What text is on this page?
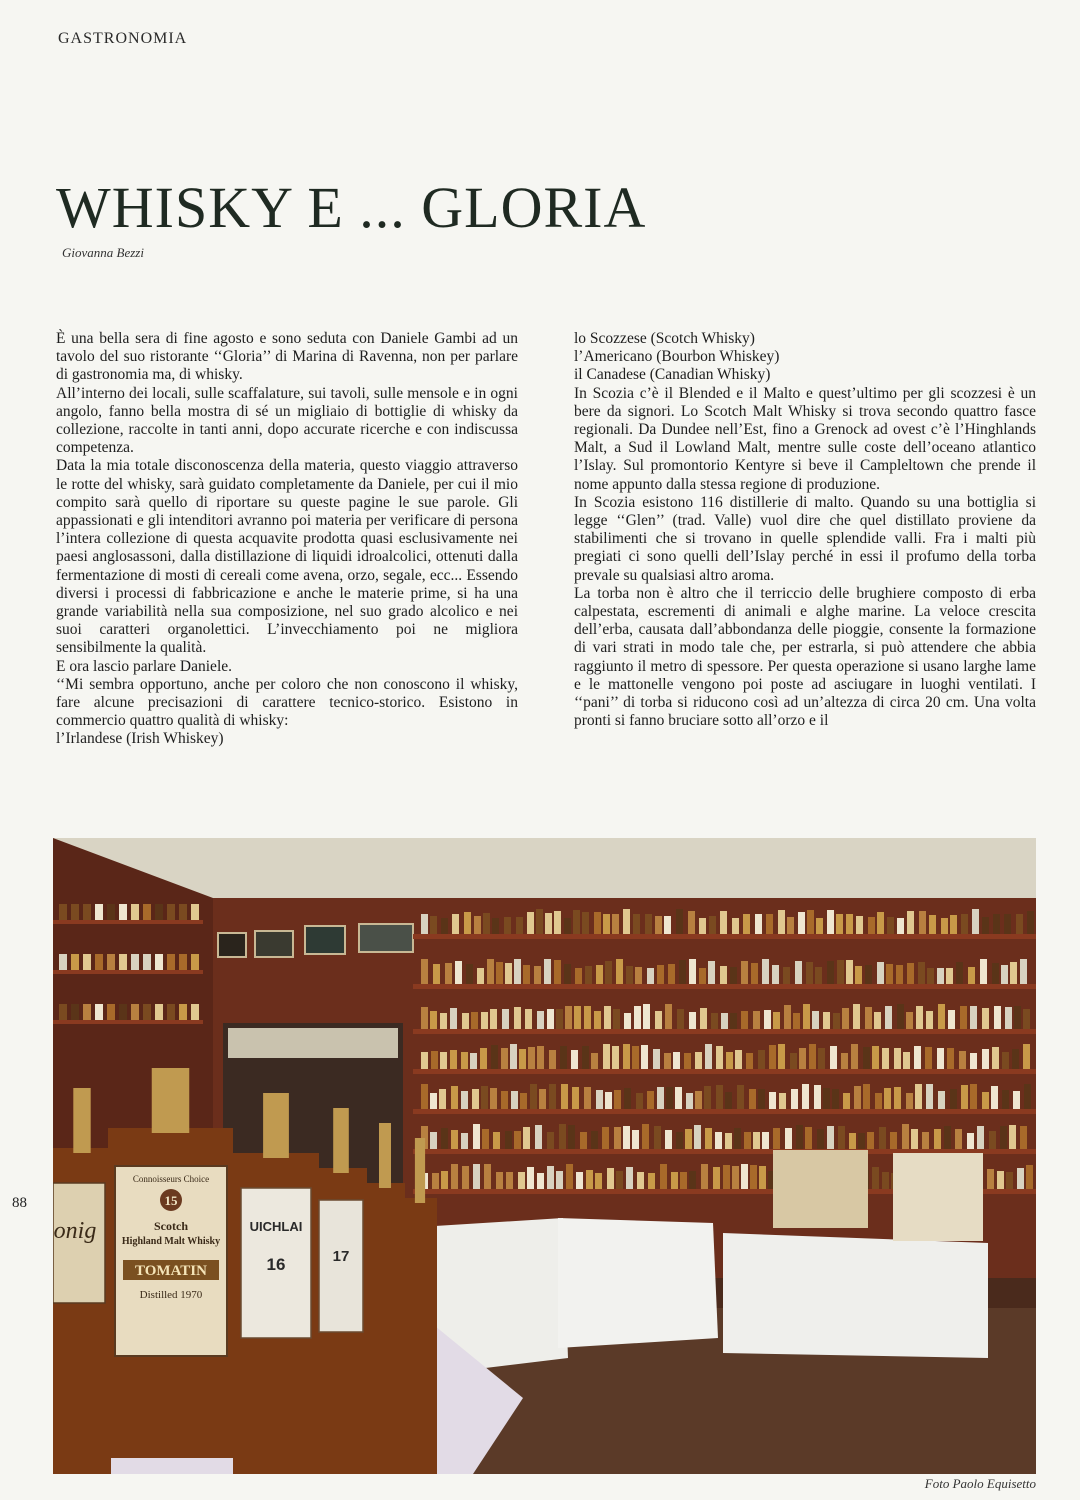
GASTRONOMIA
WHISKY E ... GLORIA
Giovanna Bezzi

È una bella sera di fine agosto e sono seduta con Daniele Gambi ad un tavolo del suo ristorante ‘‘Gloria’’ di Marina di Ravenna, non per parlare di gastronomia ma, di whisky.

All’interno dei locali, sulle scaffalature, sui tavoli, sulle mensole e in ogni angolo, fanno bella mostra di sé un migliaio di bottiglie di whisky da collezione, raccolte in tanti anni, dopo accurate ricerche e con indiscussa competenza.

Data la mia totale disconoscenza della materia, questo viaggio attraverso le rotte del whisky, sarà guidato completamente da Daniele, per cui il mio compito sarà quello di riportare su queste pagine le sue parole. Gli appassionati e gli intenditori avranno poi materia per verificare di persona l’intera collezione di questa acquavite prodotta quasi esclusivamente nei paesi anglosassoni, dalla distillazione di liquidi idroalcolici, ottenuti dalla fermentazione di mosti di cereali come avena, orzo, segale, ecc... Essendo diversi i processi di fabbricazione e anche le materie prime, si ha una grande variabilità nella sua composizione, nel suo grado alcolico e nei suoi caratteri organolettici. L’invecchiamento poi ne migliora sensibilmente la qualità.

E ora lascio parlare Daniele.

‘‘Mi sembra opportuno, anche per coloro che non conoscono il whisky, fare alcune precisazioni di carattere tecnico-storico. Esistono in commercio quattro qualità di whisky:

l’Irlandese (Irish Whiskey)

lo Scozzese (Scotch Whisky)

l’Americano (Bourbon Whiskey)

il Canadese (Canadian Whisky)

In Scozia c’è il Blended e il Malto e quest’ultimo per gli scozzesi è un bere da signori. Lo Scotch Malt Whisky si trova secondo quattro fasce regionali. Da Dundee nell’Est, fino a Grenock ad ovest c’è l’Hinghlands Malt, a Sud il Lowland Malt, mentre sulle coste dell’oceano atlantico l’Islay. Sul promontorio Kentyre si beve il Campleltown che prende il nome appunto dalla stessa regione di produzione.

In Scozia esistono 116 distillerie di malto. Quando su una bottiglia si legge ‘‘Glen’’ (trad. Valle) vuol dire che quel distillato proviene da stabilimenti che si trovano in quelle splendide valli. Fra i malti più pregiati ci sono quelli dell’Islay perché in essi il profumo della torba prevale su qualsiasi altro aroma.

La torba non è altro che il terriccio delle brughiere composto di erba calpestata, escrementi di animali e alghe marine. La veloce crescita dell’erba, causata dall’abbondanza delle pioggie, consente la formazione di vari strati in modo tale che, per estrarla, si può attendere che abbia raggiunto il metro di spessore. Per questa operazione si usano larghe lame e le mattonelle vengono poi poste ad asciugare in luoghi ventilati. I ‘‘pani’’ di torba si riducono così ad un’altezza di circa 20 cm. Una volta pronti si fanno bruciare sotto all’orzo e il

Connoisseurs Choice
15
Scotch
Highland Malt Whisky
TOMATIN
Distilled 1970
UICHLAI
16	17
onig
88
Foto Paolo Equisetto
